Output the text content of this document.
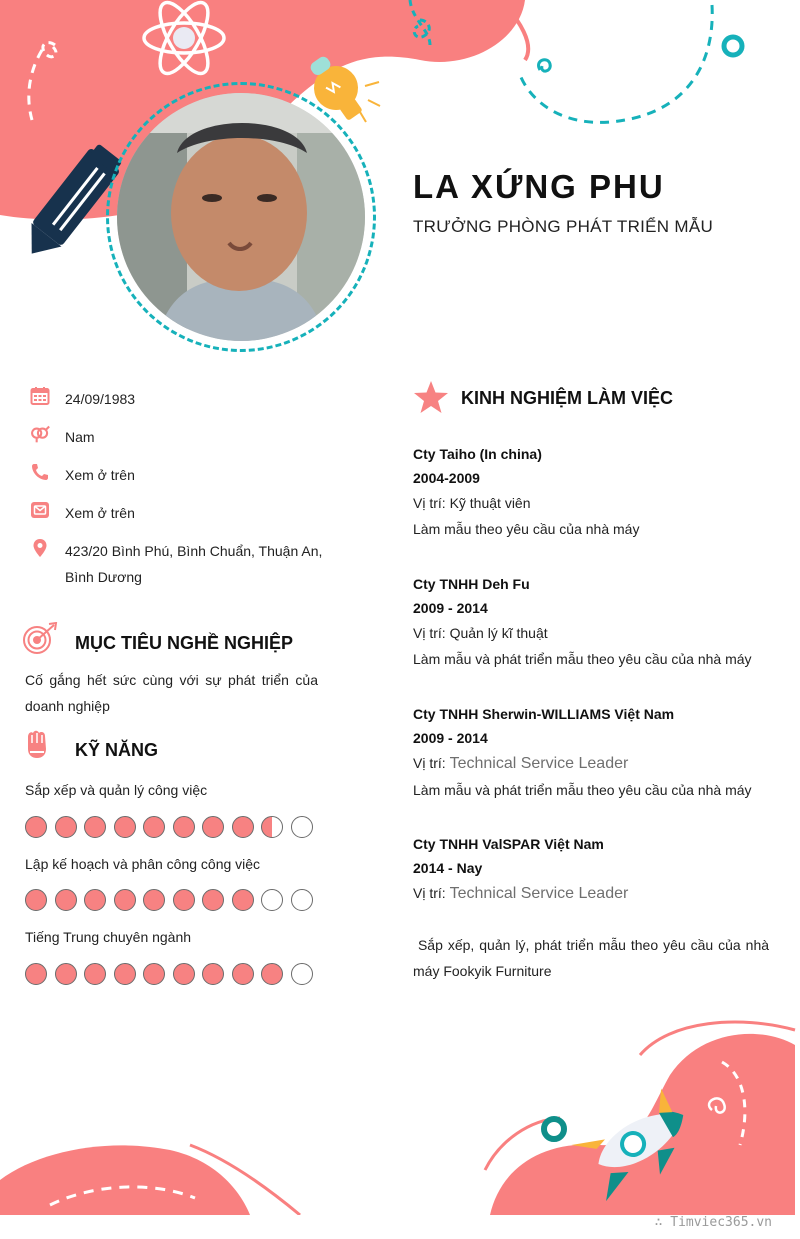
LA XỨNG PHU
TRƯỞNG PHÒNG PHÁT TRIỂN MẪU
24/09/1983
Nam
Xem ở trên
Xem ở trên
423/20 Bình Phú, Bình Chuẩn, Thuận An,
Bình Dương
MỤC TIÊU NGHỀ NGHIỆP
Cố gắng hết sức cùng với sự phát triển của doanh nghiệp
KỸ NĂNG
Sắp xếp và quản lý công việc
Lập kế hoạch và phân công công việc
Tiếng Trung chuyên ngành
KINH NGHIỆM LÀM VIỆC
Cty Taiho (In china)
2004-2009
Vị trí: Kỹ thuật viên
Làm mẫu theo yêu cầu của nhà máy
Cty TNHH Deh Fu
2009 - 2014
Vị trí: Quản lý kĩ thuật
Làm mẫu và phát triển mẫu theo yêu cầu của nhà máy
Cty TNHH Sherwin-WILLIAMS Việt Nam
2009 - 2014
Vị trí: Technical Service Leader
Làm mẫu và phát triển mẫu theo yêu cầu của nhà máy
Cty TNHH ValSPAR Việt Nam
2014 - Nay
Vị trí: Technical Service Leader
Sắp xếp, quản lý, phát triển mẫu theo yêu cầu của nhà máy Fookyik Furniture
∴ Timviec365.vn
